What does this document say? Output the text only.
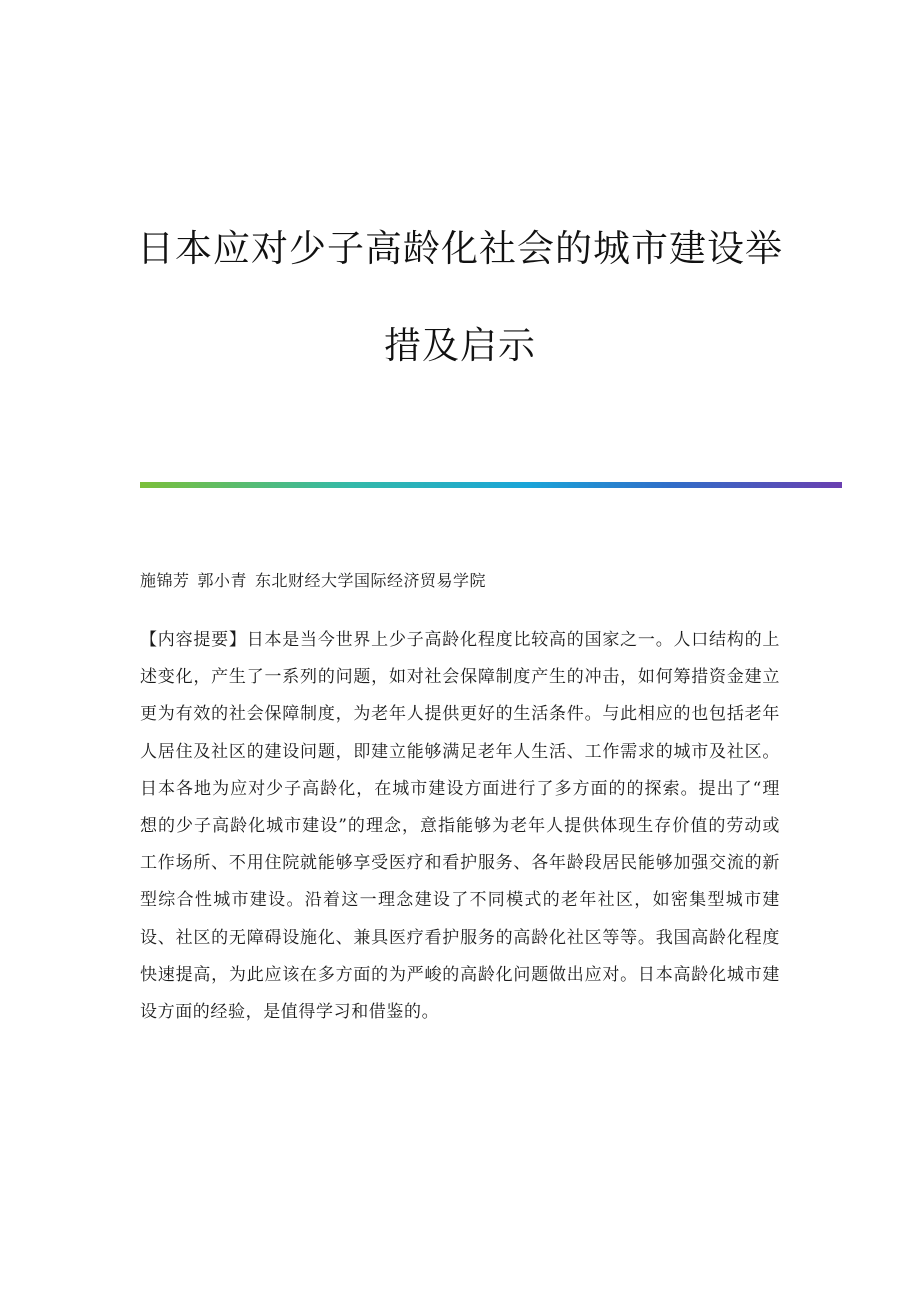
日本应对少子高龄化社会的城市建设举
措及启示
施锦芳 郭小青 东北财经大学国际经济贸易学院

【内容提要】日本是当今世界上少子高龄化程度比较高的国家之一。人口结构的上述变化，产生了一系列的问题，如对社会保障制度产生的冲击，如何筹措资金建立更为有效的社会保障制度，为老年人提供更好的生活条件。与此相应的也包括老年人居住及社区的建设问题，即建立能够满足老年人生活、工作需求的城市及社区。日本各地为应对少子高龄化，在城市建设方面进行了多方面的的探索。提出了“理想的少子高龄化城市建设”的理念，意指能够为老年人提供体现生存价值的劳动或工作场所、不用住院就能够享受医疗和看护服务、各年龄段居民能够加强交流的新型综合性城市建设。沿着这一理念建设了不同模式的老年社区，如密集型城市建设、社区的无障碍设施化、兼具医疗看护服务的高龄化社区等等。我国高龄化程度快速提高，为此应该在多方面的为严峻的高龄化问题做出应对。日本高龄化城市建设方面的经验，是值得学习和借鉴的。
